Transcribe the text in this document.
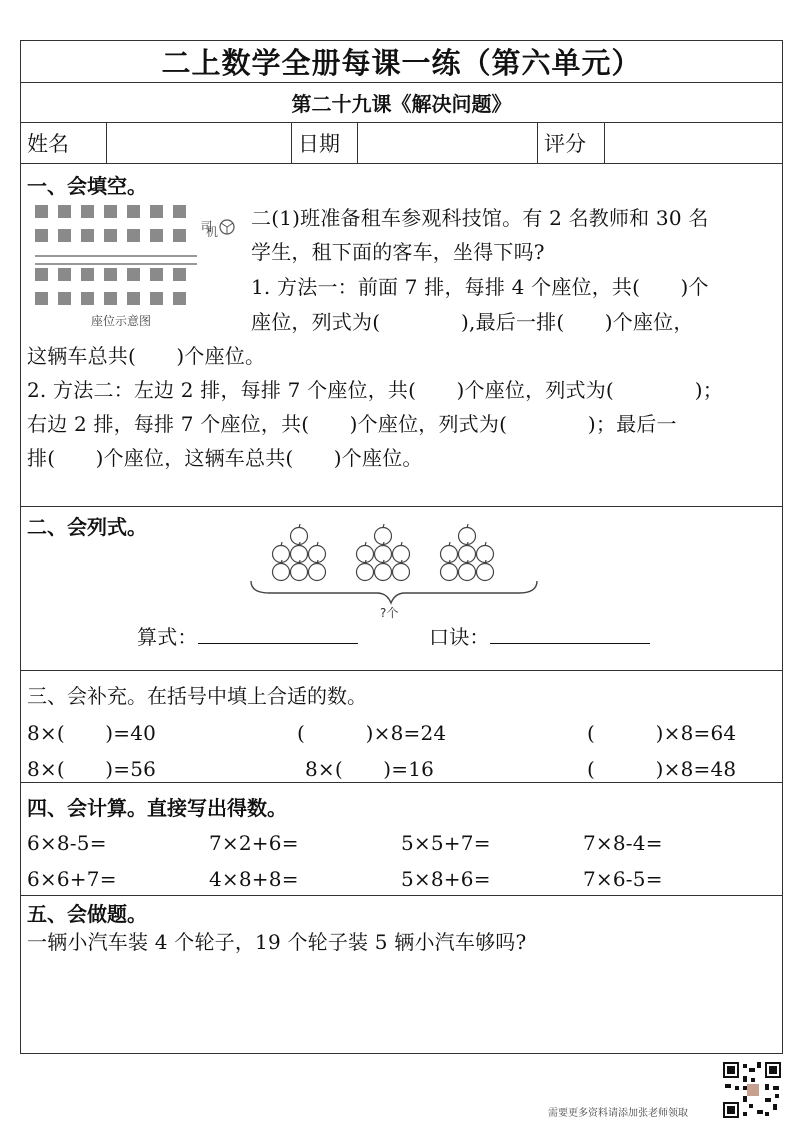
二上数学全册每课一练（第六单元）
第二十九课《解决问题》
姓名	日期	评分
一、会填空。
司
机
座位示意图
二(1)班准备租车参观科技馆。有 2 名教师和 30 名
学生，租下面的客车，坐得下吗?
1. 方法一：前面 7 排，每排 4 个座位，共(　　)个
座位，列式为(　　　　),最后一排(　　)个座位，
这辆车总共(　　)个座位。
2. 方法二：左边 2 排，每排 7 个座位，共(　　)个座位，列式为(　　　　)；
右边 2 排，每排 7 个座位，共(　　)个座位，列式为(　　　　)；最后一
排(　　)个座位，这辆车总共(　　)个座位。
二、会列式。
?个
算式：	口诀：
三、会补充。在括号中填上合适的数。
8×(　　)=40	(　　　)×8=24	(　　　)×8=64
8×(　　)=56	8×(　　)=16	(　　　)×8=48
四、会计算。直接写出得数。
6×8-5=	7×2+6=	5×5+7=	7×8-4=
6×6+7=	4×8+8=	5×8+6=	7×6-5=
五、会做题。
一辆小汽车装 4 个轮子，19 个轮子装 5 辆小汽车够吗?
需要更多资料请添加张老师领取
